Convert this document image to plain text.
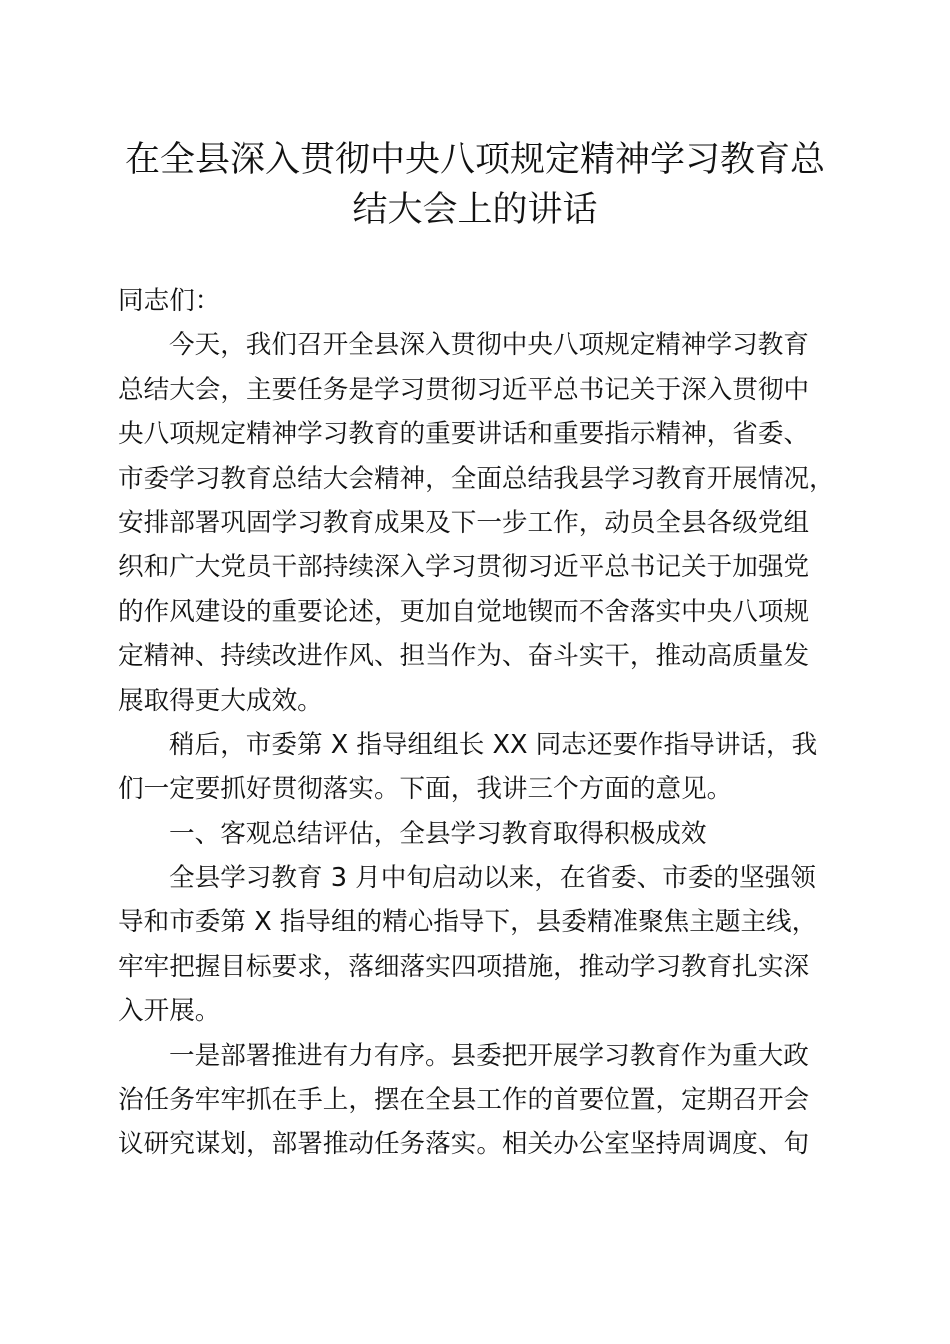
在全县深入贯彻中央八项规定精神学习教育总
结大会上的讲话
同志们：
今天，我们召开全县深入贯彻中央八项规定精神学习教育
总结大会，主要任务是学习贯彻习近平总书记关于深入贯彻中
央八项规定精神学习教育的重要讲话和重要指示精神，省委、
市委学习教育总结大会精神，全面总结我县学习教育开展情况，
安排部署巩固学习教育成果及下一步工作，动员全县各级党组
织和广大党员干部持续深入学习贯彻习近平总书记关于加强党
的作风建设的重要论述，更加自觉地锲而不舍落实中央八项规
定精神、持续改进作风、担当作为、奋斗实干，推动高质量发
展取得更大成效。
稍后，市委第 X 指导组组长 XX 同志还要作指导讲话，我
们一定要抓好贯彻落实。下面，我讲三个方面的意见。
一、客观总结评估，全县学习教育取得积极成效
全县学习教育 3 月中旬启动以来，在省委、市委的坚强领
导和市委第 X 指导组的精心指导下，县委精准聚焦主题主线，
牢牢把握目标要求，落细落实四项措施，推动学习教育扎实深
入开展。
一是部署推进有力有序。县委把开展学习教育作为重大政
治任务牢牢抓在手上，摆在全县工作的首要位置，定期召开会
议研究谋划，部署推动任务落实。相关办公室坚持周调度、旬
